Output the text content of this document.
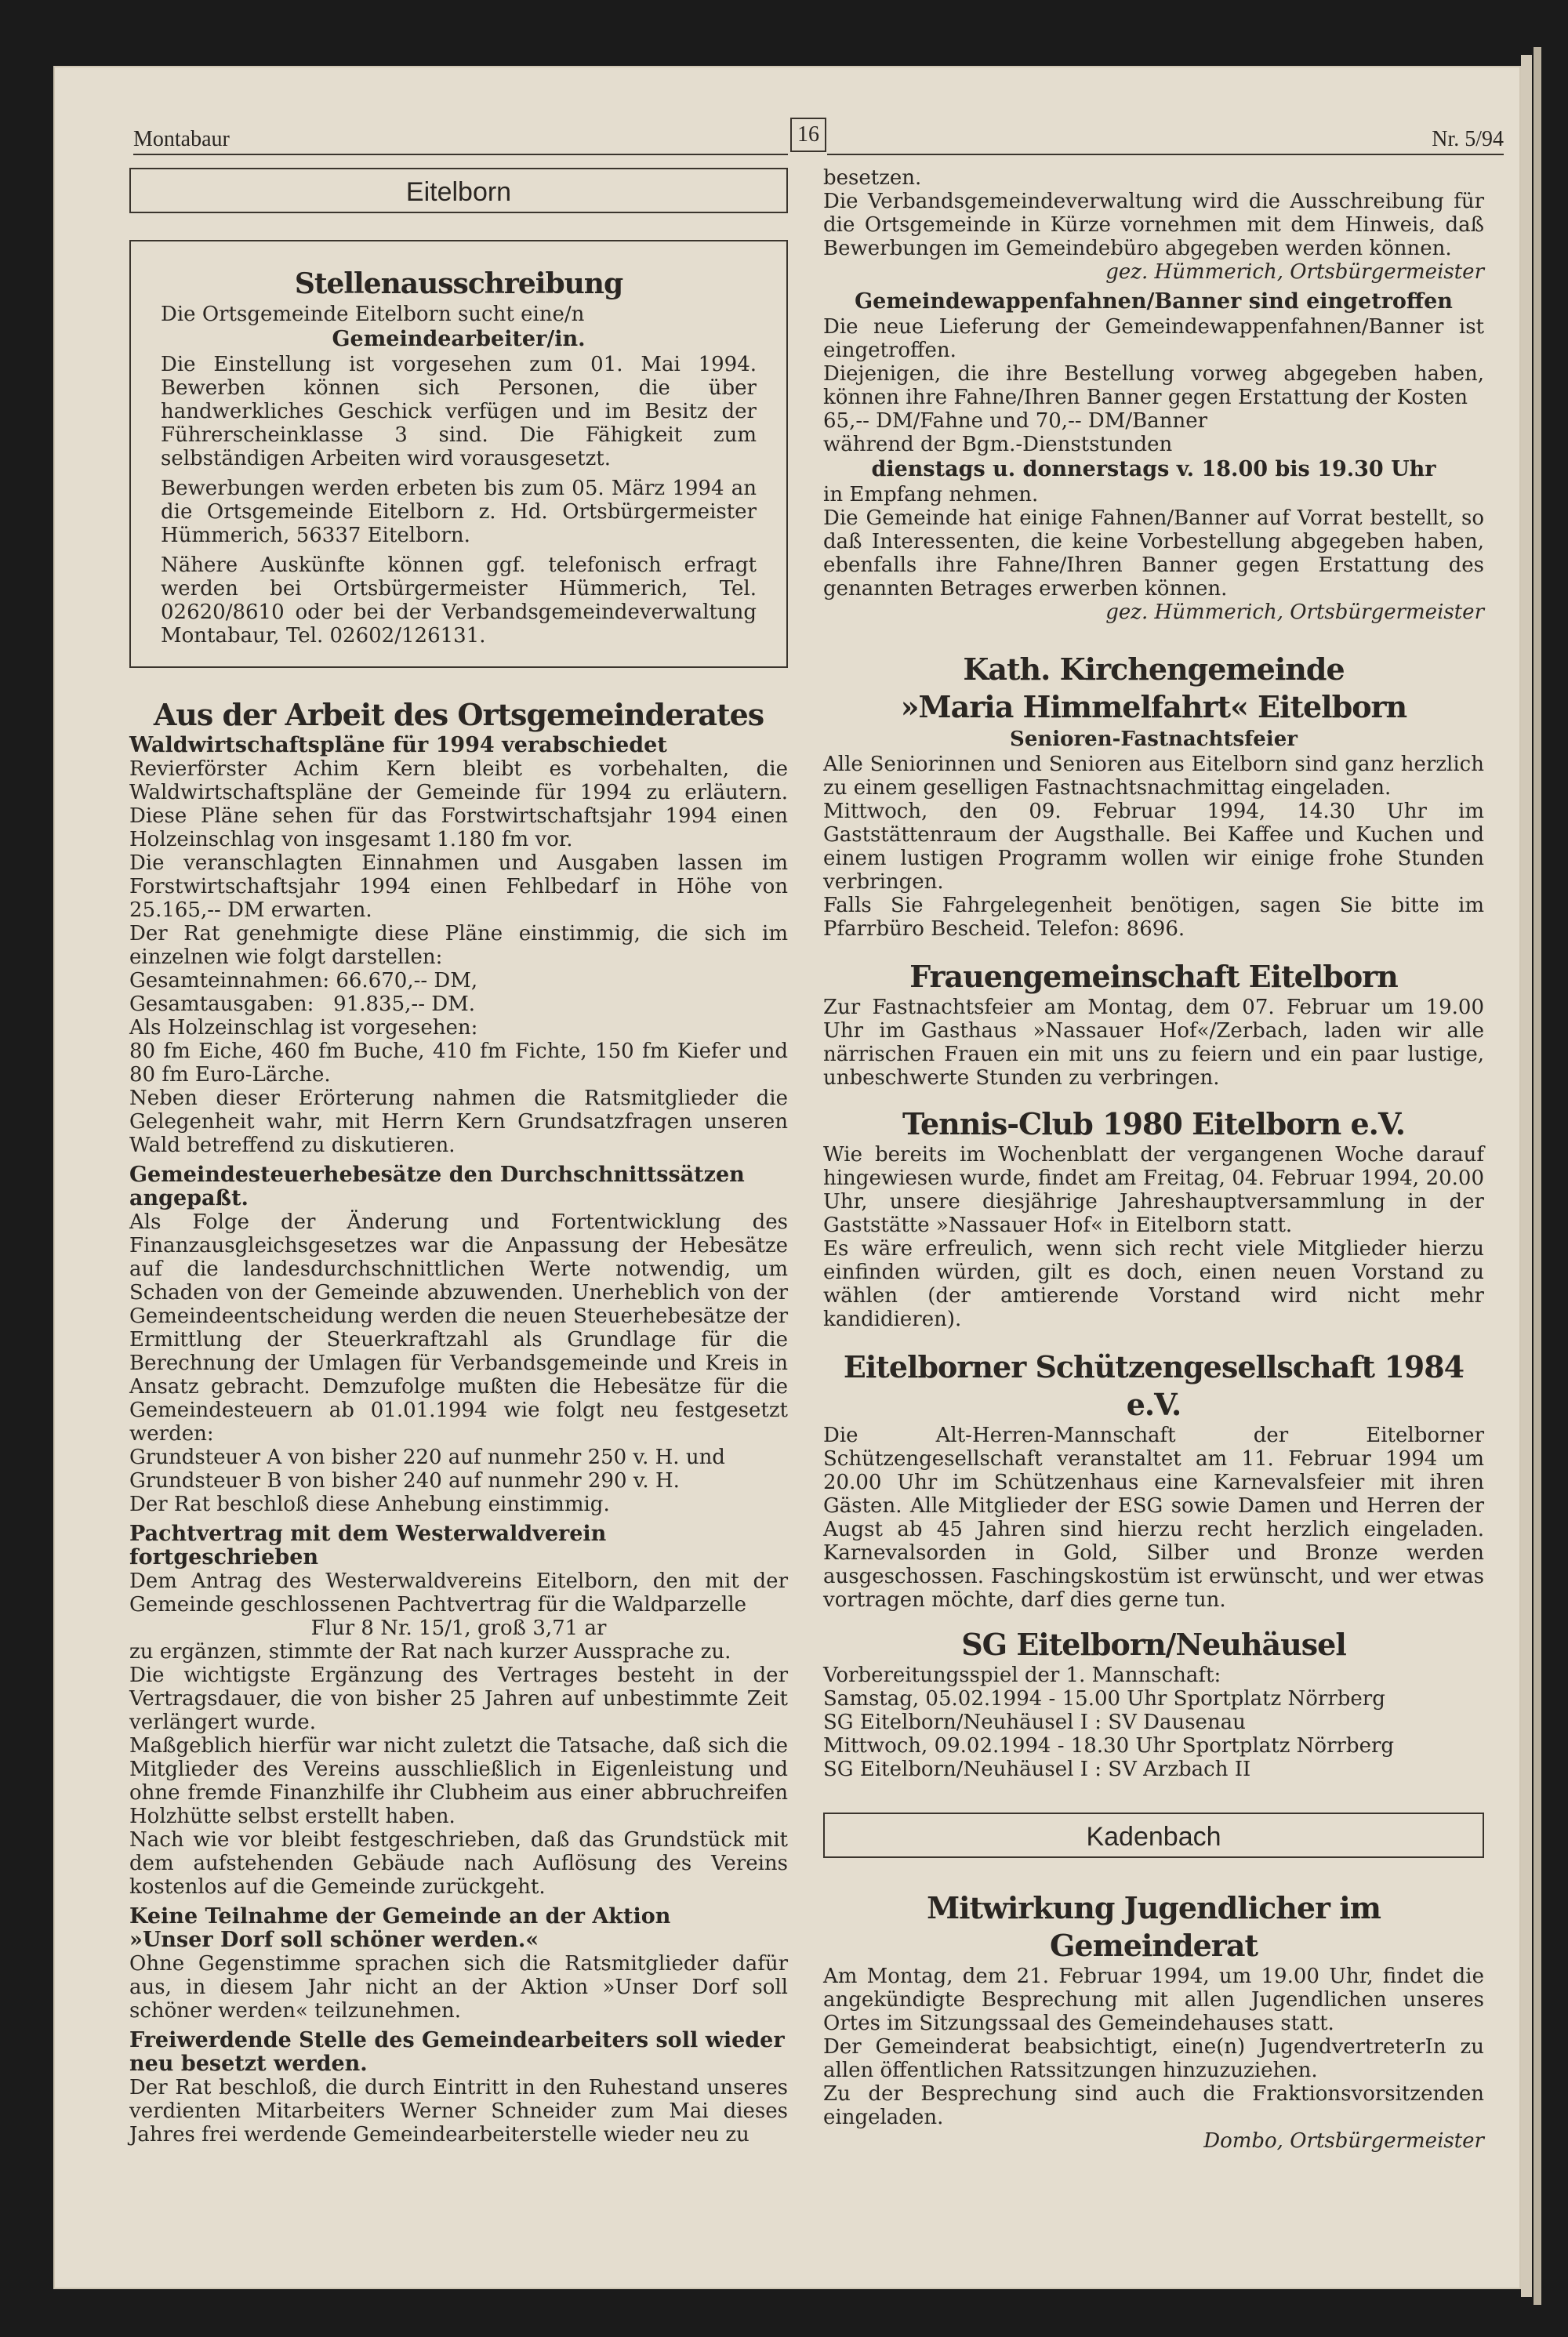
Montabaur	16	Nr. 5/94
Eitelborn
Stellenausschreibung
Die Ortsgemeinde Eitelborn sucht eine/n
Gemeindearbeiter/in.
Die Einstellung ist vorgesehen zum 01. Mai 1994. Bewerben können sich Personen, die über handwerkliches Geschick verfügen und im Besitz der Führerscheinklasse 3 sind. Die Fähigkeit zum selbständigen Arbeiten wird vorausgesetzt.
Bewerbungen werden erbeten bis zum 05. März 1994 an die Ortsgemeinde Eitelborn z. Hd. Ortsbürgermeister Hümmerich, 56337 Eitelborn.
Nähere Auskünfte können ggf. telefonisch erfragt werden bei Ortsbürgermeister Hümmerich, Tel. 02620/8610 oder bei der Verbandsgemeindeverwaltung Montabaur, Tel. 02602/126131.
Aus der Arbeit des Ortsgemeinderates
Waldwirtschaftspläne für 1994 verabschiedet
Revierförster Achim Kern bleibt es vorbehalten, die Waldwirtschaftspläne der Gemeinde für 1994 zu erläutern. Diese Pläne sehen für das Forstwirtschaftsjahr 1994 einen Holzeinschlag von insgesamt 1.180 fm vor.
Die veranschlagten Einnahmen und Ausgaben lassen im Forstwirtschaftsjahr 1994 einen Fehlbedarf in Höhe von 25.165,-- DM erwarten.
Der Rat genehmigte diese Pläne einstimmig, die sich im einzelnen wie folgt darstellen:
Gesamteinnahmen: 66.670,-- DM,
Gesamtausgaben:   91.835,-- DM.
Als Holzeinschlag ist vorgesehen:
80 fm Eiche, 460 fm Buche, 410 fm Fichte, 150 fm Kiefer und 80 fm Euro-Lärche.
Neben dieser Erörterung nahmen die Ratsmitglieder die Gelegenheit wahr, mit Herrn Kern Grundsatzfragen unseren Wald betreffend zu diskutieren.
Gemeindesteuerhebesätze den Durchschnittssätzen angepaßt.
Als Folge der Änderung und Fortentwicklung des Finanzausgleichsgesetzes war die Anpassung der Hebesätze auf die landesdurchschnittlichen Werte notwendig, um Schaden von der Gemeinde abzuwenden. Unerheblich von der Gemeindeentscheidung werden die neuen Steuerhebesätze der Ermittlung der Steuerkraftzahl als Grundlage für die Berechnung der Umlagen für Verbandsgemeinde und Kreis in Ansatz gebracht. Demzufolge mußten die Hebesätze für die Gemeindesteuern ab 01.01.1994 wie folgt neu festgesetzt werden:
Grundsteuer A von bisher 220 auf nunmehr 250 v. H. und
Grundsteuer B von bisher 240 auf nunmehr 290 v. H.
Der Rat beschloß diese Anhebung einstimmig.
Pachtvertrag mit dem Westerwaldverein fortgeschrieben
Dem Antrag des Westerwaldvereins Eitelborn, den mit der Gemeinde geschlossenen Pachtvertrag für die Waldparzelle
Flur 8 Nr. 15/1, groß 3,71 ar
zu ergänzen, stimmte der Rat nach kurzer Aussprache zu.
Die wichtigste Ergänzung des Vertrages besteht in der Vertragsdauer, die von bisher 25 Jahren auf unbestimmte Zeit verlängert wurde.
Maßgeblich hierfür war nicht zuletzt die Tatsache, daß sich die Mitglieder des Vereins ausschließlich in Eigenleistung und ohne fremde Finanzhilfe ihr Clubheim aus einer abbruchreifen Holzhütte selbst erstellt haben.
Nach wie vor bleibt festgeschrieben, daß das Grundstück mit dem aufstehenden Gebäude nach Auflösung des Vereins kostenlos auf die Gemeinde zurückgeht.
Keine Teilnahme der Gemeinde an der Aktion
»Unser Dorf soll schöner werden.«
Ohne Gegenstimme sprachen sich die Ratsmitglieder dafür aus, in diesem Jahr nicht an der Aktion »Unser Dorf soll schöner werden« teilzunehmen.
Freiwerdende Stelle des Gemeindearbeiters soll wieder neu besetzt werden.
Der Rat beschloß, die durch Eintritt in den Ruhestand unseres verdienten Mitarbeiters Werner Schneider zum Mai dieses Jahres frei werdende Gemeindearbeiterstelle wieder neu zu
besetzen.
Die Verbandsgemeindeverwaltung wird die Ausschreibung für die Ortsgemeinde in Kürze vornehmen mit dem Hinweis, daß Bewerbungen im Gemeindebüro abgegeben werden können.
gez. Hümmerich, Ortsbürgermeister
Gemeindewappenfahnen/Banner sind eingetroffen
Die neue Lieferung der Gemeindewappenfahnen/Banner ist eingetroffen.
Diejenigen, die ihre Bestellung vorweg abgegeben haben, können ihre Fahne/Ihren Banner gegen Erstattung der Kosten
65,-- DM/Fahne und 70,-- DM/Banner
während der Bgm.-Dienststunden
dienstags u. donnerstags v. 18.00 bis 19.30 Uhr
in Empfang nehmen.
Die Gemeinde hat einige Fahnen/Banner auf Vorrat bestellt, so daß Interessenten, die keine Vorbestellung abgegeben haben, ebenfalls ihre Fahne/Ihren Banner gegen Erstattung des genannten Betrages erwerben können.
gez. Hümmerich, Ortsbürgermeister
Kath. Kirchengemeinde
»Maria Himmelfahrt« Eitelborn
Senioren-Fastnachtsfeier
Alle Seniorinnen und Senioren aus Eitelborn sind ganz herzlich zu einem geselligen Fastnachtsnachmittag eingeladen.
Mittwoch, den 09. Februar 1994, 14.30 Uhr im Gaststättenraum der Augsthalle. Bei Kaffee und Kuchen und einem lustigen Programm wollen wir einige frohe Stunden verbringen.
Falls Sie Fahrgelegenheit benötigen, sagen Sie bitte im Pfarrbüro Bescheid. Telefon: 8696.
Frauengemeinschaft Eitelborn
Zur Fastnachtsfeier am Montag, dem 07. Februar um 19.00 Uhr im Gasthaus »Nassauer Hof«/Zerbach, laden wir alle närrischen Frauen ein mit uns zu feiern und ein paar lustige, unbeschwerte Stunden zu verbringen.
Tennis-Club 1980 Eitelborn e.V.
Wie bereits im Wochenblatt der vergangenen Woche darauf hingewiesen wurde, findet am Freitag, 04. Februar 1994, 20.00 Uhr, unsere diesjährige Jahreshauptversammlung in der Gaststätte »Nassauer Hof« in Eitelborn statt.
Es wäre erfreulich, wenn sich recht viele Mitglieder hierzu einfinden würden, gilt es doch, einen neuen Vorstand zu wählen (der amtierende Vorstand wird nicht mehr kandidieren).
Eitelborner Schützengesellschaft 1984 e.V.
Die Alt-Herren-Mannschaft der Eitelborner Schützengesellschaft veranstaltet am 11. Februar 1994 um 20.00 Uhr im Schützenhaus eine Karnevalsfeier mit ihren Gästen. Alle Mitglieder der ESG sowie Damen und Herren der Augst ab 45 Jahren sind hierzu recht herzlich eingeladen. Karnevalsorden in Gold, Silber und Bronze werden ausgeschossen. Faschingskostüm ist erwünscht, und wer etwas vortragen möchte, darf dies gerne tun.
SG Eitelborn/Neuhäusel
Vorbereitungsspiel der 1. Mannschaft:
Samstag, 05.02.1994 - 15.00 Uhr Sportplatz Nörrberg
SG Eitelborn/Neuhäusel I : SV Dausenau
Mittwoch, 09.02.1994 - 18.30 Uhr Sportplatz Nörrberg
SG Eitelborn/Neuhäusel I : SV Arzbach II
Kadenbach
Mitwirkung Jugendlicher im Gemeinderat
Am Montag, dem 21. Februar 1994, um 19.00 Uhr, findet die angekündigte Besprechung mit allen Jugendlichen unseres Ortes im Sitzungssaal des Gemeindehauses statt.
Der Gemeinderat beabsichtigt, eine(n) JugendvertreterIn zu allen öffentlichen Ratssitzungen hinzuzuziehen.
Zu der Besprechung sind auch die Fraktionsvorsitzenden eingeladen.
Dombo, Ortsbürgermeister
